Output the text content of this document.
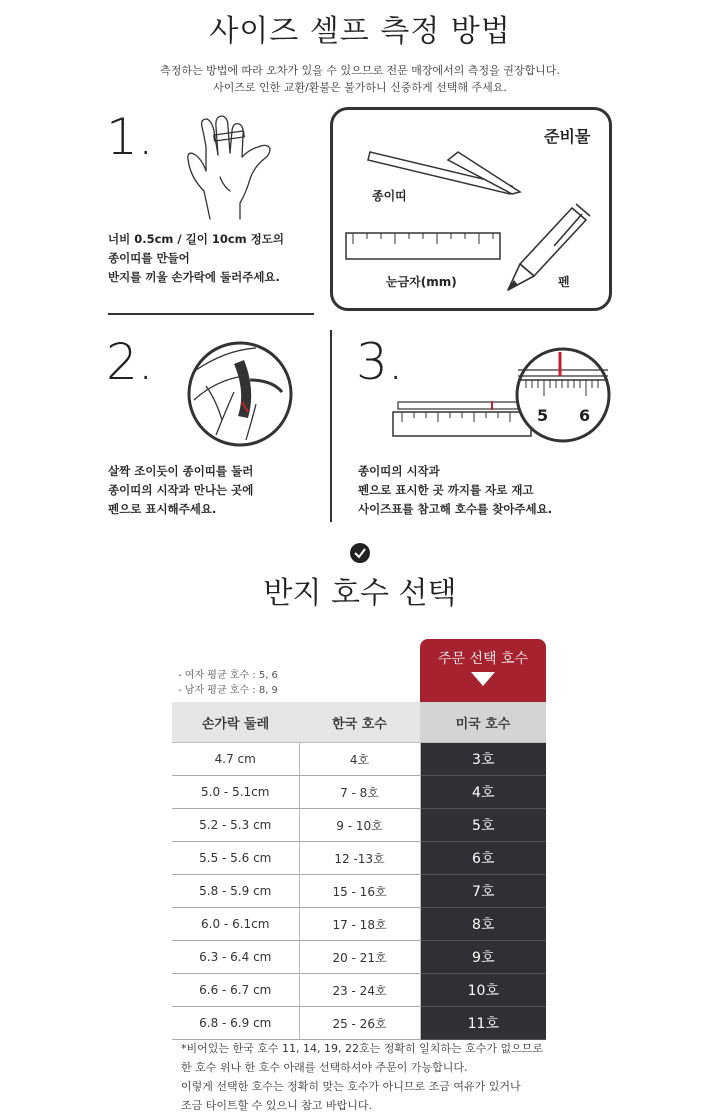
사이즈 셀프 측정 방법
측정하는 방법에 따라 오차가 있을 수 있으므로 전문 매장에서의 측정을 권장합니다.
사이즈로 인한 교환/환불은 불가하니 신중하게 선택해 주세요.
1.
너비 0.5cm / 길이 10cm 정도의
종이띠를 만들어
반지를 끼울 손가락에 둘러주세요.
준비물
종이띠
눈금자(mm)	펜
2.
살짝 조이듯이 종이띠를 둘러
종이띠의 시작과 만나는 곳에
펜으로 표시해주세요.
3.
5 6
종이띠의 시작과
펜으로 표시한 곳 까지를 자로 재고
사이즈표를 참고해 호수를 찾아주세요.
반지 호수 선택
- 여자 평균 호수 : 5, 6
- 남자 평균 호수 : 8, 9
주문 선택 호수
손가락 둘레	한국 호수	미국 호수
4.7 cm	4호	3호
5.0 - 5.1cm	7 - 8호	4호
5.2 - 5.3 cm	9 - 10호	5호
5.5 - 5.6 cm	12 -13호	6호
5.8 - 5.9 cm	15 - 16호	7호
6.0 - 6.1cm	17 - 18호	8호
6.3 - 6.4 cm	20 - 21호	9호
6.6 - 6.7 cm	23 - 24호	10호
6.8 - 6.9 cm	25 - 26호	11호
*비어있는 한국 호수 11, 14, 19, 22호는 정확히 일치하는 호수가 없으므로
한 호수 위나 한 호수 아래를 선택하셔야 주문이 가능합니다.
이렇게 선택한 호수는 정확히 맞는 호수가 아니므로 조금 여유가 있거나
조금 타이트할 수 있으니 참고 바랍니다.
